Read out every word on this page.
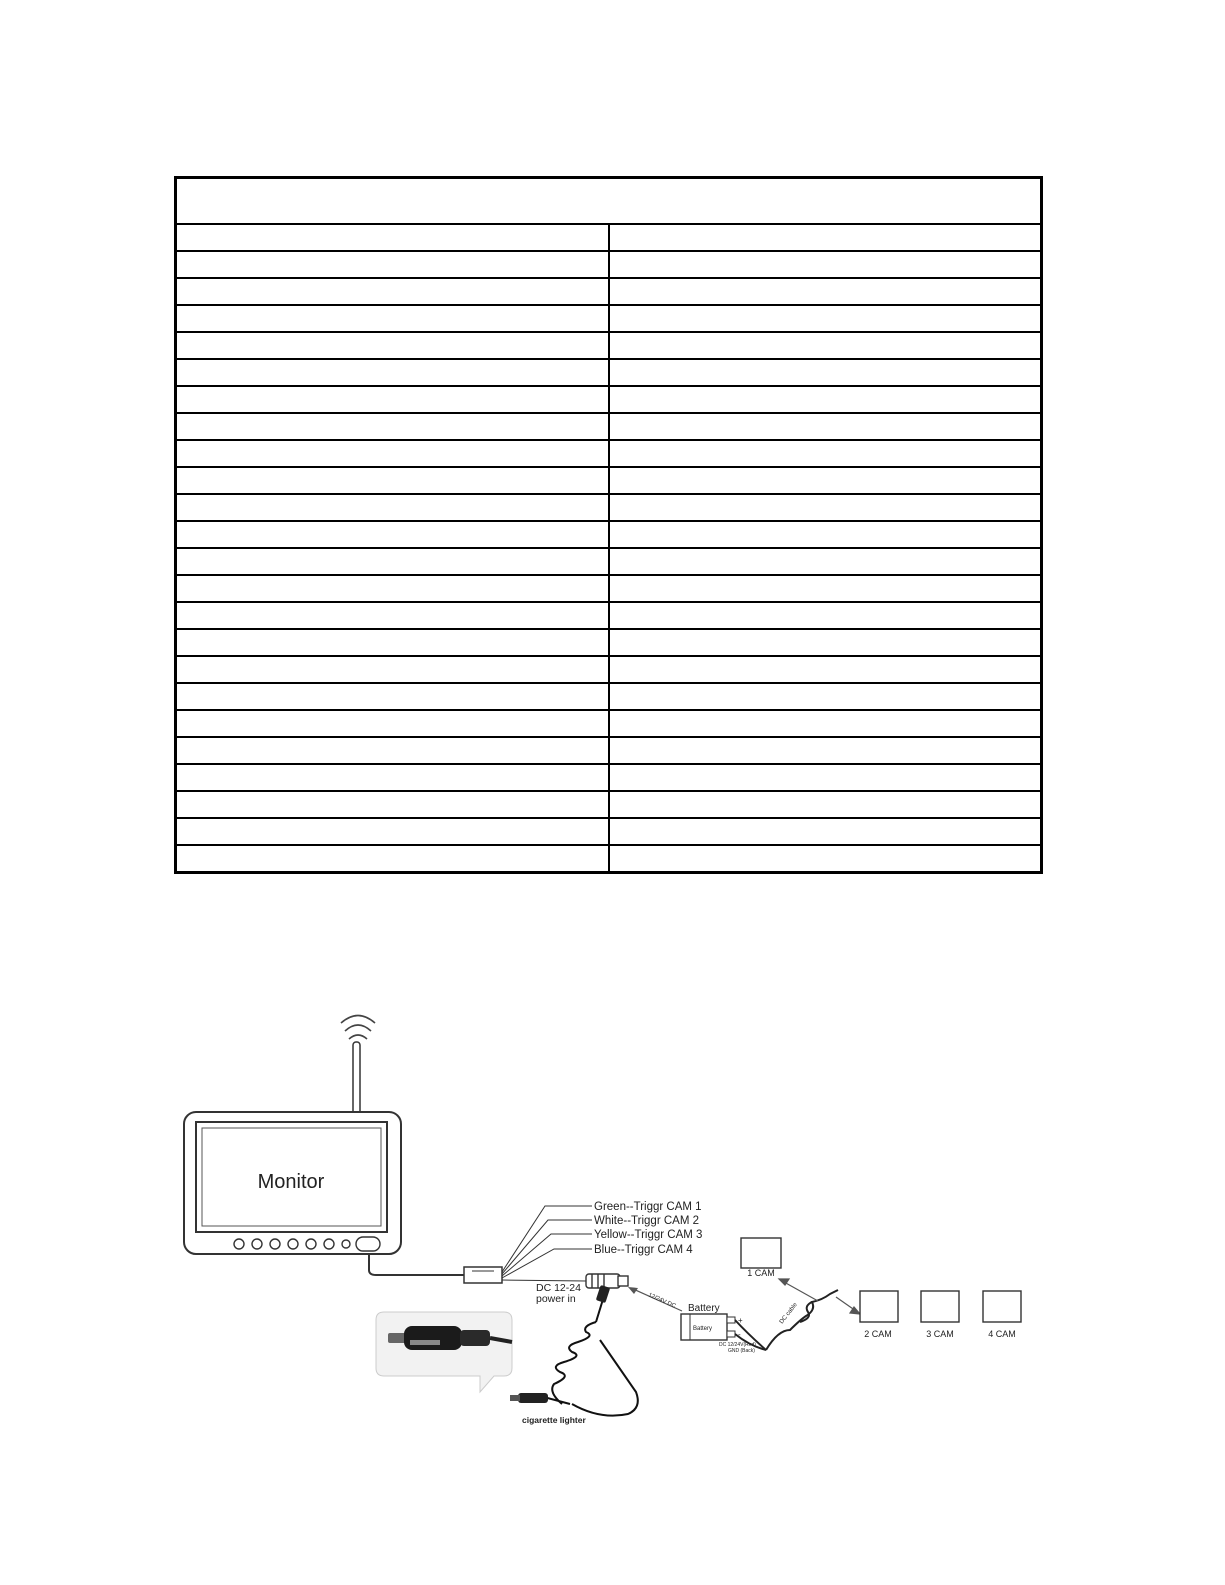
Monitor
Green--Triggr CAM 1
White--Triggr CAM 2
Yellow--Triggr CAM 3
Blue--Triggr CAM 4
DC 12-24
power in	12/24V DC
cigarette lighter
Battery
Battery
+
-
DC 12/24V(Red)
GND (Back)
DC cable
1 CAM
2 CAM	3 CAM	4 CAM
